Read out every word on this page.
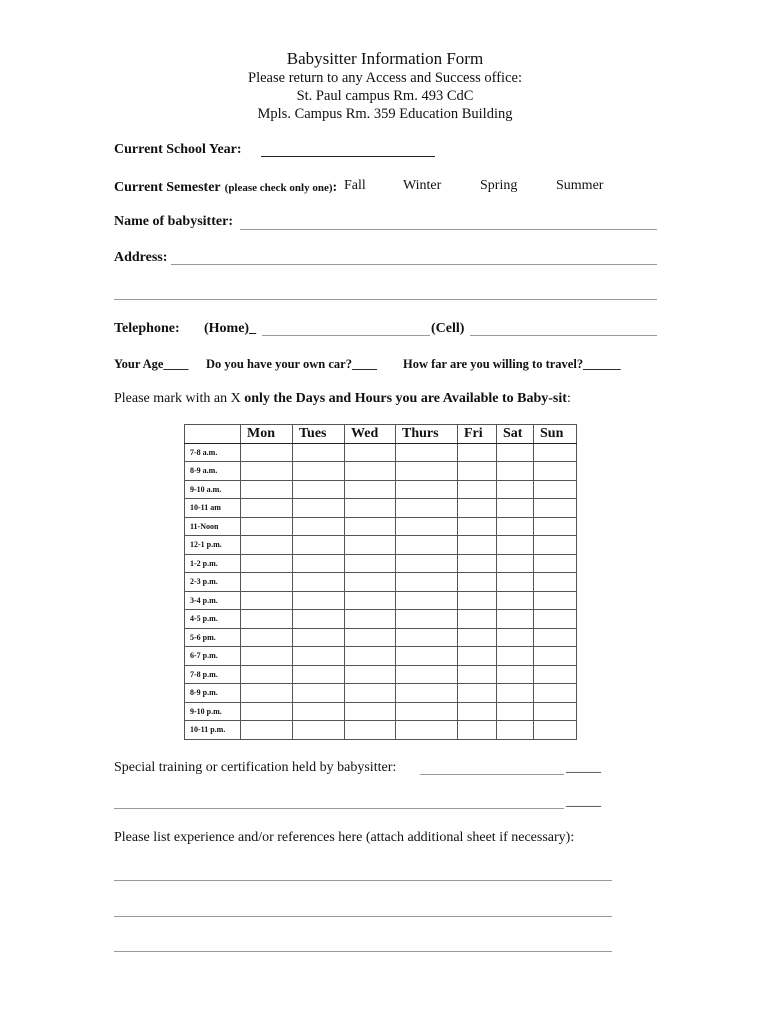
Babysitter Information Form
Please return to any Access and Success office:
St. Paul campus Rm. 493 CdC
Mpls. Campus Rm. 359 Education Building
Current School Year:
Current Semester (please check only one): Fall	Winter	Spring	Summer
Name of babysitter:
Address:
Telephone: (Home)_	(Cell)
Your Age____ Do you have your own car?____ How far are you willing to travel?______
Please mark with an X only the Days and Hours you are Available to Baby-sit:
	Mon	Tues	Wed	Thurs	Fri	Sat	Sun
7-8 a.m.							
8-9 a.m.							
9-10 a.m.							
10-11 am							
11-Noon							
12-1 p.m.							
1-2 p.m.							
2-3 p.m.							
3-4 p.m.							
4-5 p.m.							
5-6 pm.							
6-7 p.m.							
7-8 p.m.							
8-9 p.m.							
9-10 p.m.							
10-11 p.m.							
Special training or certification held by babysitter:	_____
_____
Please list experience and/or references here (attach additional sheet if necessary):
